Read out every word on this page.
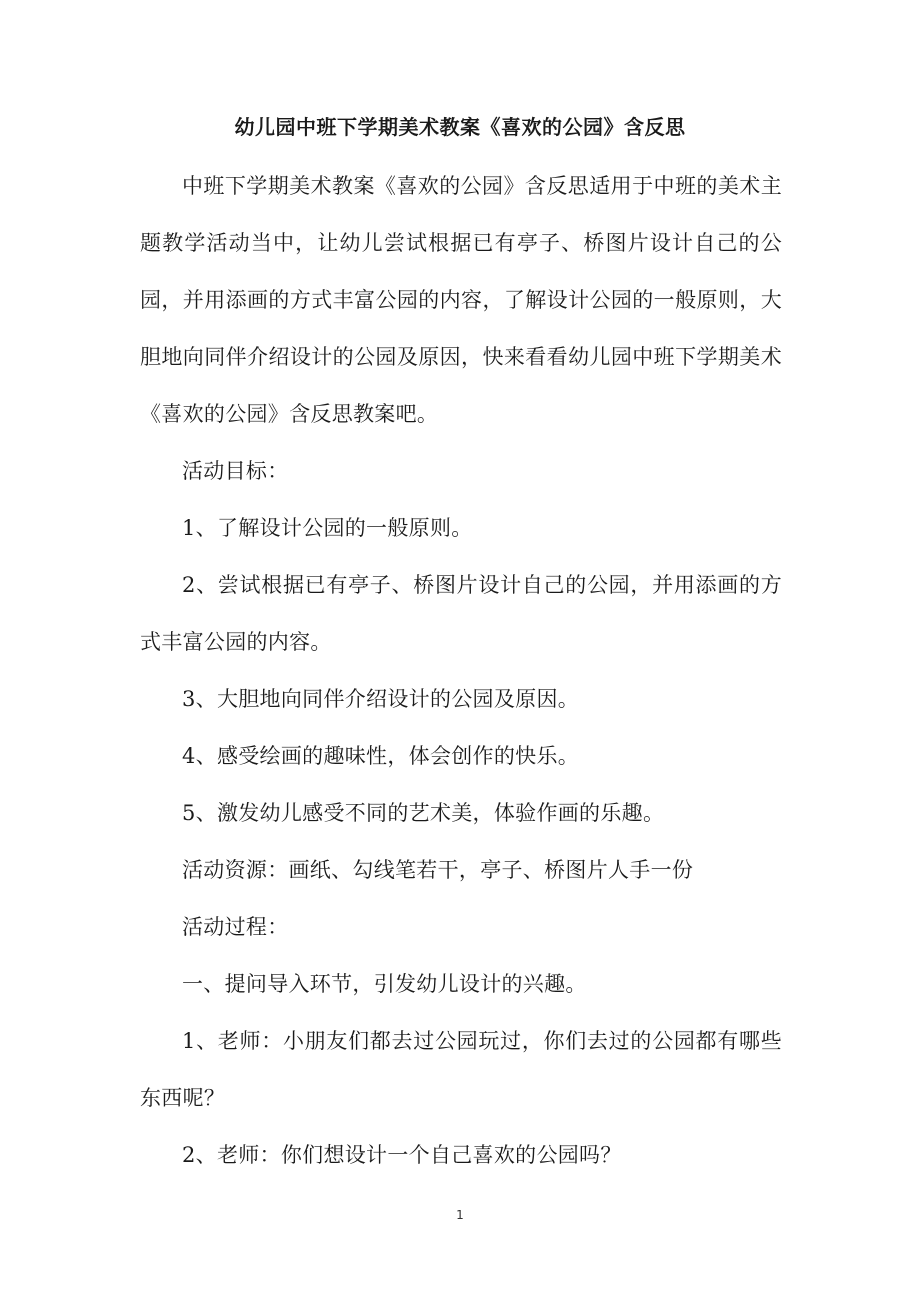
幼儿园中班下学期美术教案《喜欢的公园》含反思

中班下学期美术教案《喜欢的公园》含反思适用于中班的美术主题教学活动当中，让幼儿尝试根据已有亭子、桥图片设计自己的公园，并用添画的方式丰富公园的内容，了解设计公园的一般原则，大胆地向同伴介绍设计的公园及原因，快来看看幼儿园中班下学期美术《喜欢的公园》含反思教案吧。

活动目标：

1、了解设计公园的一般原则。

2、尝试根据已有亭子、桥图片设计自己的公园，并用添画的方式丰富公园的内容。

3、大胆地向同伴介绍设计的公园及原因。

4、感受绘画的趣味性，体会创作的快乐。

5、激发幼儿感受不同的艺术美，体验作画的乐趣。

活动资源：画纸、勾线笔若干，亭子、桥图片人手一份

活动过程：

一、提问导入环节，引发幼儿设计的兴趣。

1、老师：小朋友们都去过公园玩过，你们去过的公园都有哪些东西呢？

2、老师：你们想设计一个自己喜欢的公园吗？

1
